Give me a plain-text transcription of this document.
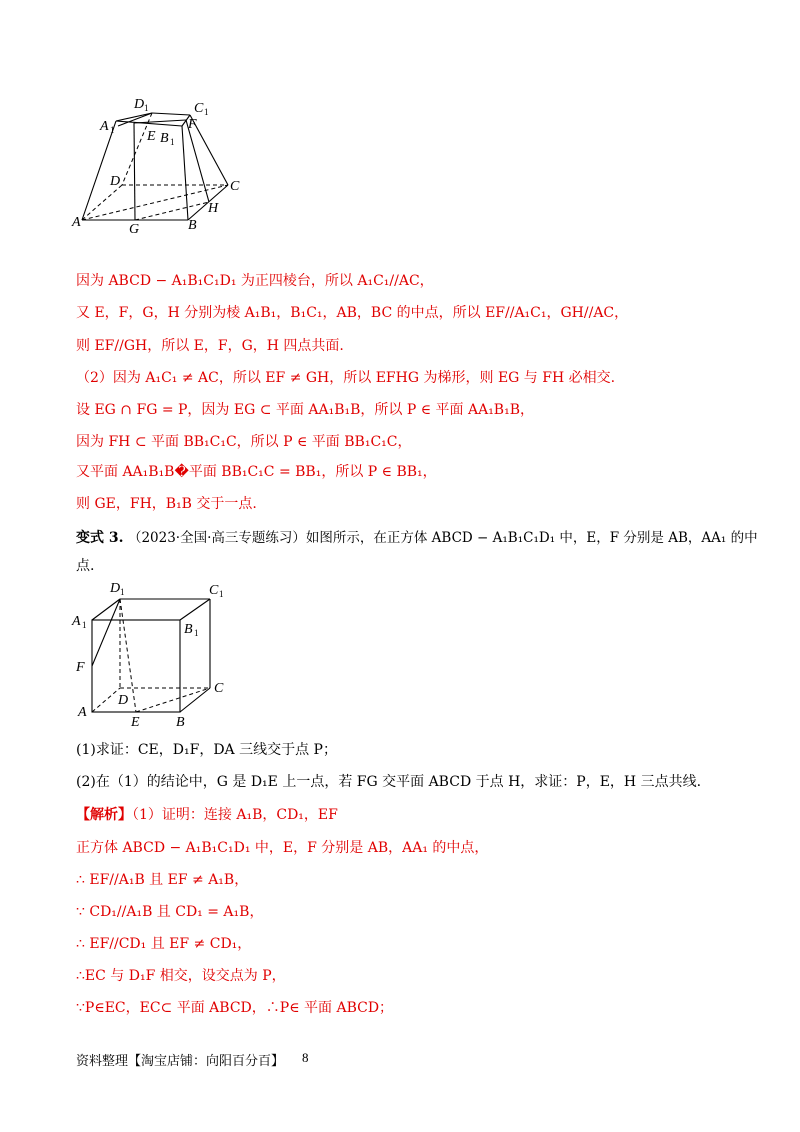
D 1	C 1
A 1 E B 1
F
D	C
A	G	B
H
因为 ABCD − A₁B₁C₁D₁ 为正四棱台，所以 A₁C₁//AC，
又 E，F，G，H 分别为棱 A₁B₁，B₁C₁，AB，BC 的中点，所以 EF//A₁C₁，GH//AC，
则 EF//GH，所以 E，F，G，H 四点共面.
（2）因为 A₁C₁ ≠ AC，所以 EF ≠ GH，所以 EFHG 为梯形，则 EG 与 FH 必相交.
设 EG ∩ FG = P，因为 EG ⊂ 平面 AA₁B₁B，所以 P ∈ 平面 AA₁B₁B，
因为 FH ⊂ 平面 BB₁C₁C，所以 P ∈ 平面 BB₁C₁C，
又平面 AA₁B₁B�平面 BB₁C₁C = BB₁，所以 P ∈ BB₁，
则 GE，FH，B₁B 交于一点.
变式 3. （2023·全国·高三专题练习）如图所示，在正方体 ABCD − A₁B₁C₁D₁ 中，E，F 分别是 AB，AA₁ 的中
点.
D 1	C 1
A 1	B 1
F
D
C
A
E	B
(1)求证：CE，D₁F，DA 三线交于点 P；
(2)在（1）的结论中，G 是 D₁E 上一点，若 FG 交平面 ABCD 于点 H，求证：P，E，H 三点共线.
【解析】（1）证明：连接 A₁B，CD₁，EF
正方体 ABCD − A₁B₁C₁D₁ 中，E，F 分别是 AB，AA₁ 的中点，
∴ EF//A₁B 且 EF ≠ A₁B，
∵ CD₁//A₁B 且 CD₁ = A₁B，
∴ EF//CD₁ 且 EF ≠ CD₁，
∴EC 与 D₁F 相交，设交点为 P，
∵P∈EC，EC⊂ 平面 ABCD，∴P∈ 平面 ABCD；
资料整理【淘宝店铺：向阳百分百】 8
